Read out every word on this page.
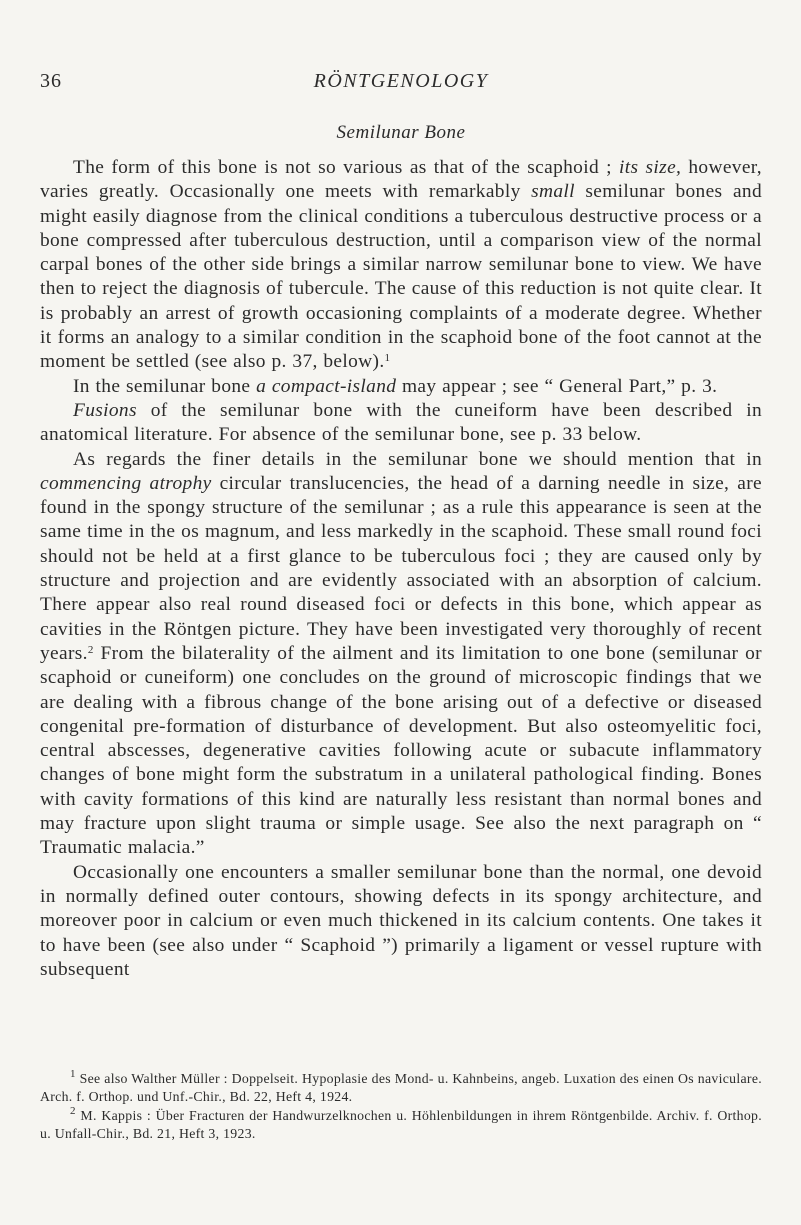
36	RÖNTGENOLOGY
Semilunar Bone

The form of this bone is not so various as that of the scaphoid ; its size, however, varies greatly. Occasionally one meets with remarkably small semilunar bones and might easily diagnose from the clinical conditions a tuberculous destructive process or a bone compressed after tuberculous destruction, until a comparison view of the normal carpal bones of the other side brings a similar narrow semilunar bone to view. We have then to reject the diagnosis of tubercule. The cause of this reduction is not quite clear. It is probably an arrest of growth occasioning complaints of a moderate degree. Whether it forms an analogy to a similar condition in the scaphoid bone of the foot cannot at the moment be settled (see also p. 37, below).$^1$

In the semilunar bone a compact-island may appear ; see “ General Part,” p. 3.

Fusions of the semilunar bone with the cuneiform have been described in anatomical literature. For absence of the semilunar bone, see p. 33 below.

As regards the finer details in the semilunar bone we should mention that in commencing atrophy circular translucencies, the head of a darning needle in size, are found in the spongy structure of the semilunar ; as a rule this appearance is seen at the same time in the os magnum, and less markedly in the scaphoid. These small round foci should not be held at a first glance to be tuberculous foci ; they are caused only by structure and projection and are evidently associated with an absorption of calcium. There appear also real round diseased foci or defects in this bone, which appear as cavities in the Röntgen picture. They have been investigated very thoroughly of recent years.$^2$ From the bilaterality of the ailment and its limitation to one bone (semilunar or scaphoid or cuneiform) one concludes on the ground of microscopic findings that we are dealing with a fibrous change of the bone arising out of a defective or diseased congenital pre-formation of disturbance of development. But also osteomyelitic foci, central abscesses, degenerative cavities following acute or subacute inflammatory changes of bone might form the substratum in a unilateral pathological finding. Bones with cavity formations of this kind are naturally less resistant than normal bones and may fracture upon slight trauma or simple usage. See also the next paragraph on “ Traumatic malacia.”

Occasionally one encounters a smaller semilunar bone than the normal, one devoid in normally defined outer contours, showing defects in its spongy architecture, and moreover poor in calcium or even much thickened in its calcium contents. One takes it to have been (see also under “ Scaphoid ”) primarily a ligament or vessel rupture with subsequent

$^1$ See also Walther Müller : Doppelseit. Hypoplasie des Mond- u. Kahnbeins, angeb. Luxation des einen Os naviculare. Arch. f. Orthop. und Unf.-Chir., Bd. 22, Heft 4, 1924.

$^2$ M. Kappis : Über Fracturen der Handwurzelknochen u. Höhlenbildungen in ihrem Röntgenbilde. Archiv. f. Orthop. u. Unfall-Chir., Bd. 21, Heft 3, 1923.
